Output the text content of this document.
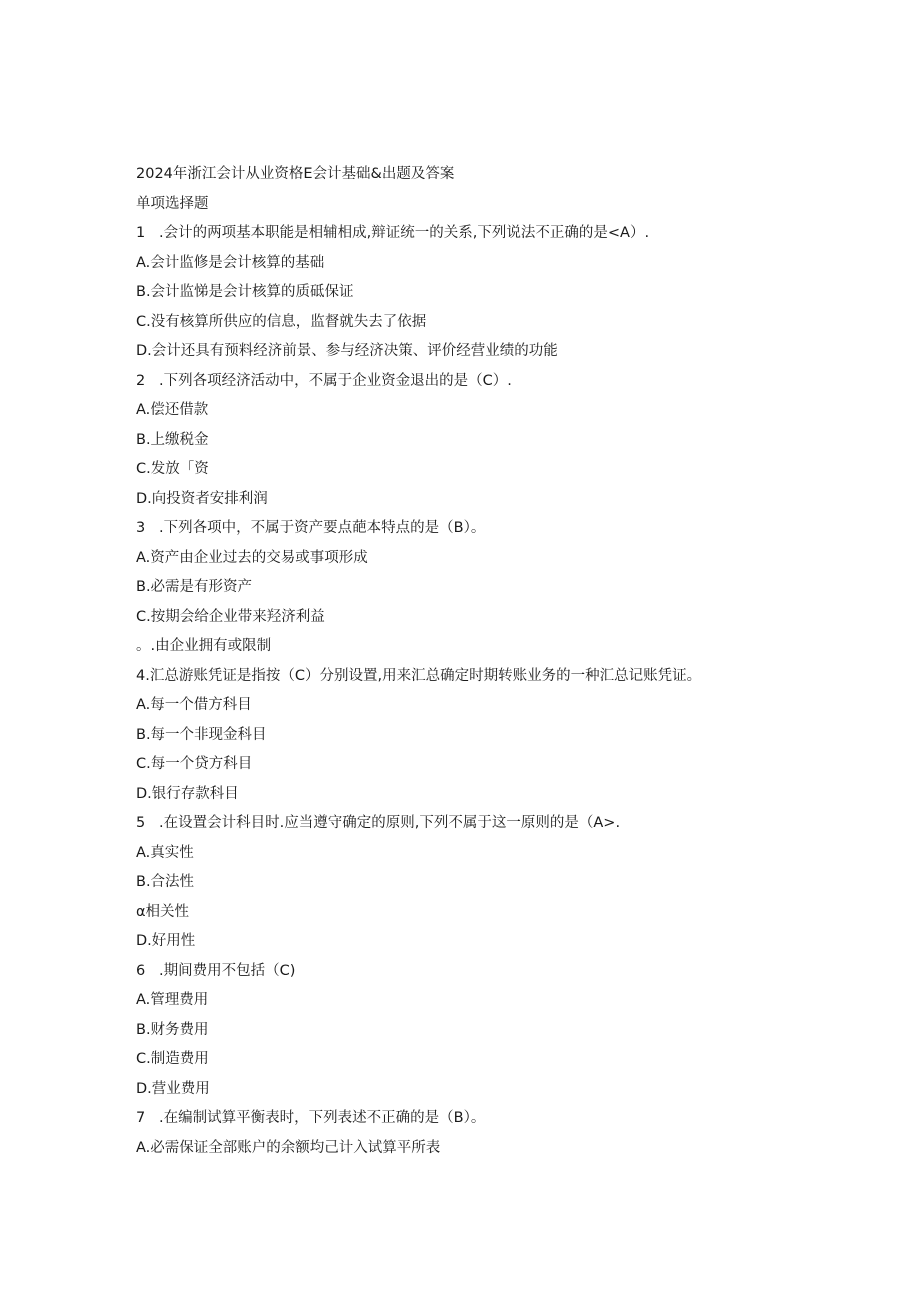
2024年浙江会计从业资格E会计基础&出题及答案
单项选择题
1   .会计的两项基本职能是相辅相成,辩证统一的关系,下列说法不正确的是<A）.
A.会计监修是会计核算的基础
B.会计监悌是会计核算的质砥保证
C.没有核算所供应的信息，监督就失去了依据
D.会计还具有预料经济前景、参与经济决策、评价经营业绩的功能
2   .下列各项经济活动中，不属于企业资金退出的是（C）.
A.偿还借款
B.上缴税金
C.发放「资
D.向投资者安排利润
3   .下列各项中，不属于资产要点葩本特点的是（B）。
A.资产由企业过去的交易或事项形成
B.必需是有形资产
C.按期会给企业带来羟济利益
。.由企业拥有或限制
4.汇总游账凭证是指按（C）分别设置,用来汇总确定时期转账业务的一种汇总记账凭证。
A.每一个借方科目
B.每一个非现金科目
C.每一个贷方科目
D.银行存款科目
5   .在设置会计科目时.应当遵守确定的原则,下列不属于这一原则的是（A>.
A.真实性
B.合法性
α相关性
D.好用性
6   .期间费用不包括（C)
A.管理费用
B.财务费用
C.制造费用
D.营业费用
7   .在编制试算平衡表时，下列表述不正确的是（B）。
A.必需保证全部账户的余额均己计入试算平所表
